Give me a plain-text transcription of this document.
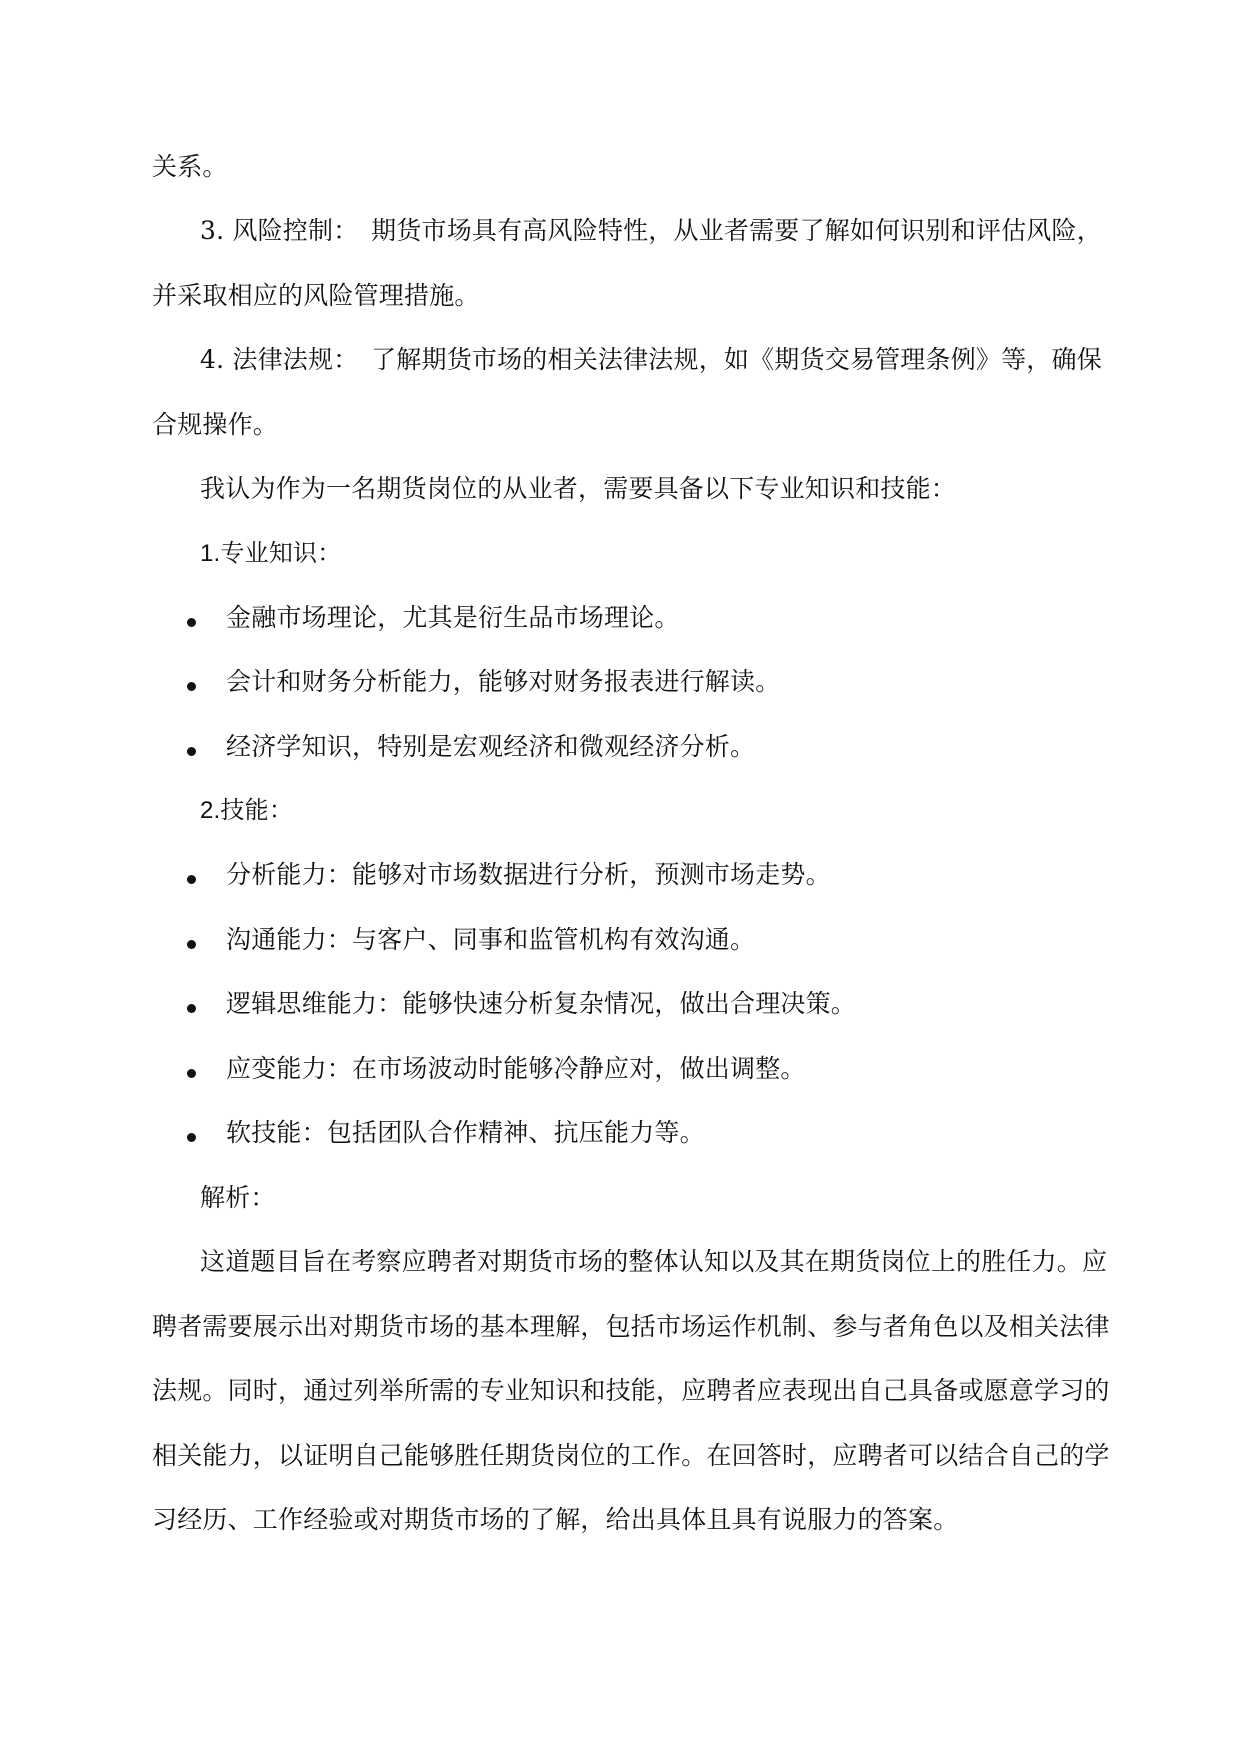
关系。
3. 风险控制：　期货市场具有高风险特性，从业者需要了解如何识别和评估风险，
并采取相应的风险管理措施。
4. 法律法规：　了解期货市场的相关法律法规，如《期货交易管理条例》等，确保
合规操作。
我认为作为一名期货岗位的从业者，需要具备以下专业知识和技能：
1.专业知识：
金融市场理论，尤其是衍生品市场理论。
会计和财务分析能力，能够对财务报表进行解读。
经济学知识，特别是宏观经济和微观经济分析。
2.技能：
分析能力：能够对市场数据进行分析，预测市场走势。
沟通能力：与客户、同事和监管机构有效沟通。
逻辑思维能力：能够快速分析复杂情况，做出合理决策。
应变能力：在市场波动时能够冷静应对，做出调整。
软技能：包括团队合作精神、抗压能力等。
解析：
这道题目旨在考察应聘者对期货市场的整体认知以及其在期货岗位上的胜任力。应
聘者需要展示出对期货市场的基本理解，包括市场运作机制、参与者角色以及相关法律
法规。同时，通过列举所需的专业知识和技能，应聘者应表现出自己具备或愿意学习的
相关能力，以证明自己能够胜任期货岗位的工作。在回答时，应聘者可以结合自己的学
习经历、工作经验或对期货市场的了解，给出具体且具有说服力的答案。
